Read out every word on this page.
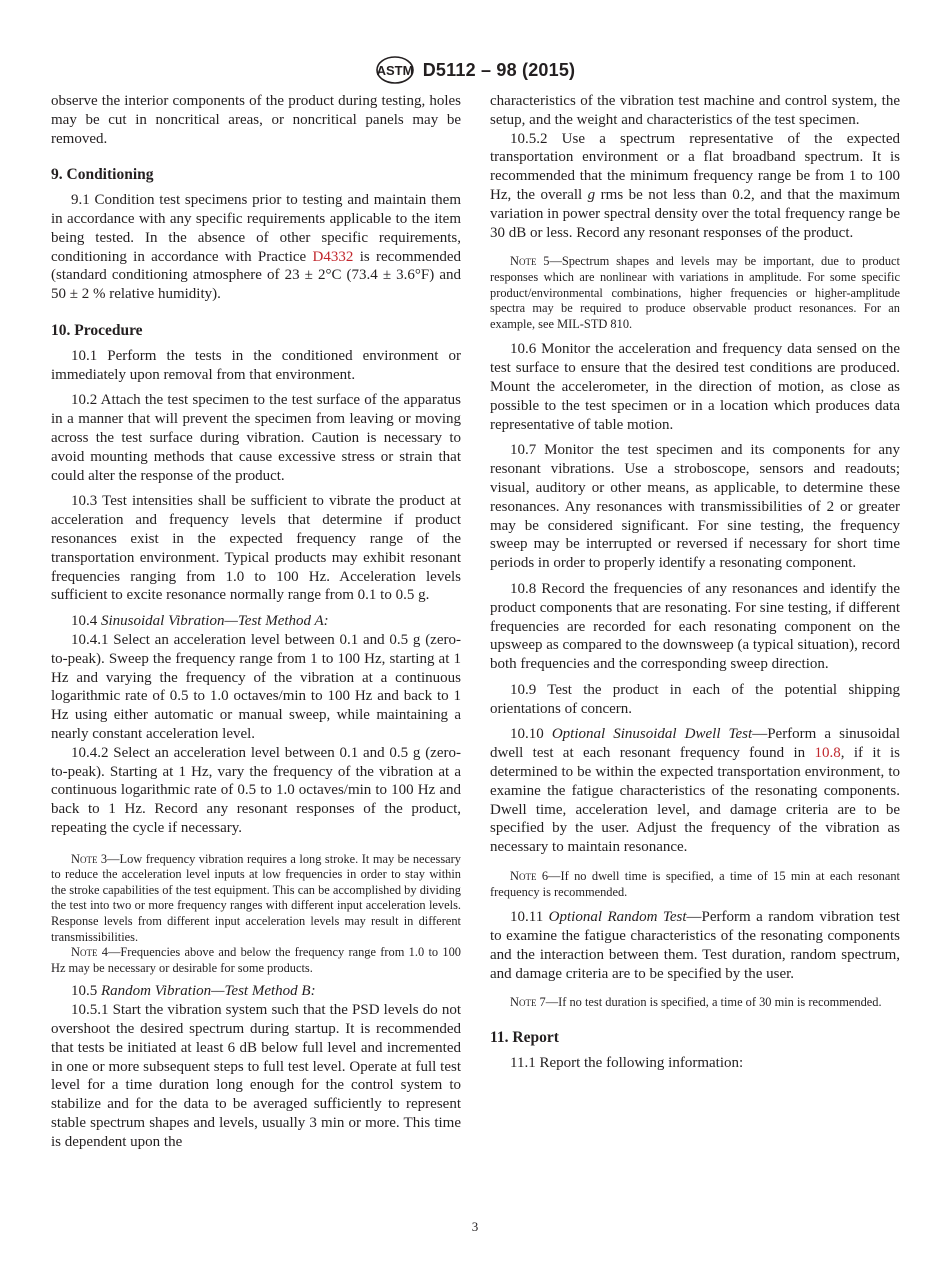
ASTM D5112 – 98 (2015)

observe the interior components of the product during testing, holes may be cut in noncritical areas, or noncritical panels may be removed.

9. Conditioning

9.1 Condition test specimens prior to testing and maintain them in accordance with any specific requirements applicable to the item being tested. In the absence of other specific requirements, conditioning in accordance with Practice D4332 is recommended (standard conditioning atmosphere of 23 ± 2°C (73.4 ± 3.6°F) and 50 ± 2 % relative humidity).

10. Procedure

10.1 Perform the tests in the conditioned environment or immediately upon removal from that environment.

10.2 Attach the test specimen to the test surface of the apparatus in a manner that will prevent the specimen from leaving or moving across the test surface during vibration. Caution is necessary to avoid mounting methods that cause excessive stress or strain that could alter the response of the product.

10.3 Test intensities shall be sufficient to vibrate the product at acceleration and frequency levels that determine if product resonances exist in the expected frequency range of the transportation environment. Typical products may exhibit resonant frequencies ranging from 1.0 to 100 Hz. Acceleration levels sufficient to excite resonance normally range from 0.1 to 0.5 g.

10.4 Sinusoidal Vibration—Test Method A:

10.4.1 Select an acceleration level between 0.1 and 0.5 g (zero-to-peak). Sweep the frequency range from 1 to 100 Hz, starting at 1 Hz and varying the frequency of the vibration at a continuous logarithmic rate of 0.5 to 1.0 octaves/min to 100 Hz and back to 1 Hz using either automatic or manual sweep, while maintaining a nearly constant acceleration level.

10.4.2 Select an acceleration level between 0.1 and 0.5 g (zero-to-peak). Starting at 1 Hz, vary the frequency of the vibration at a continuous logarithmic rate of 0.5 to 1.0 octaves/min to 100 Hz and back to 1 Hz. Record any resonant responses of the product, repeating the cycle if necessary.

Note 3—Low frequency vibration requires a long stroke. It may be necessary to reduce the acceleration level inputs at low frequencies in order to stay within the stroke capabilities of the test equipment. This can be accomplished by dividing the test into two or more frequency ranges with different input acceleration levels. Response levels from different input acceleration levels may result in different transmissibilities.

Note 4—Frequencies above and below the frequency range from 1.0 to 100 Hz may be necessary or desirable for some products.

10.5 Random Vibration—Test Method B:

10.5.1 Start the vibration system such that the PSD levels do not overshoot the desired spectrum during startup. It is recommended that tests be initiated at least 6 dB below full level and incremented in one or more subsequent steps to full test level. Operate at full test level for a time duration long enough for the control system to stabilize and for the data to be averaged sufficiently to represent stable spectrum shapes and levels, usually 3 min or more. This time is dependent upon the

characteristics of the vibration test machine and control system, the setup, and the weight and characteristics of the test specimen.

10.5.2 Use a spectrum representative of the expected transportation environment or a flat broadband spectrum. It is recommended that the minimum frequency range be from 1 to 100 Hz, the overall g rms be not less than 0.2, and that the maximum variation in power spectral density over the total frequency range be 30 dB or less. Record any resonant responses of the product.

Note 5—Spectrum shapes and levels may be important, due to product responses which are nonlinear with variations in amplitude. For some specific product/environmental combinations, higher frequencies or higher-amplitude spectra may be required to produce observable product resonances. For an example, see MIL-STD 810.

10.6 Monitor the acceleration and frequency data sensed on the test surface to ensure that the desired test conditions are produced. Mount the accelerometer, in the direction of motion, as close as possible to the test specimen or in a location which produces data representative of table motion.

10.7 Monitor the test specimen and its components for any resonant vibrations. Use a stroboscope, sensors and readouts; visual, auditory or other means, as applicable, to determine these resonances. Any resonances with transmissibilities of 2 or greater may be considered significant. For sine testing, the frequency sweep may be interrupted or reversed if necessary for short time periods in order to properly identify a resonating component.

10.8 Record the frequencies of any resonances and identify the product components that are resonating. For sine testing, if different frequencies are recorded for each resonating component on the upsweep as compared to the downsweep (a typical situation), record both frequencies and the corresponding sweep direction.

10.9 Test the product in each of the potential shipping orientations of concern.

10.10 Optional Sinusoidal Dwell Test—Perform a sinusoidal dwell test at each resonant frequency found in 10.8, if it is determined to be within the expected transportation environment, to examine the fatigue characteristics of the resonating components. Dwell time, acceleration level, and damage criteria are to be specified by the user. Adjust the frequency of the vibration as necessary to maintain resonance.

Note 6—If no dwell time is specified, a time of 15 min at each resonant frequency is recommended.

10.11 Optional Random Test—Perform a random vibration test to examine the fatigue characteristics of the resonating components and the interaction between them. Test duration, random spectrum, and damage criteria are to be specified by the user.

Note 7—If no test duration is specified, a time of 30 min is recommended.

11. Report

11.1 Report the following information:

3
